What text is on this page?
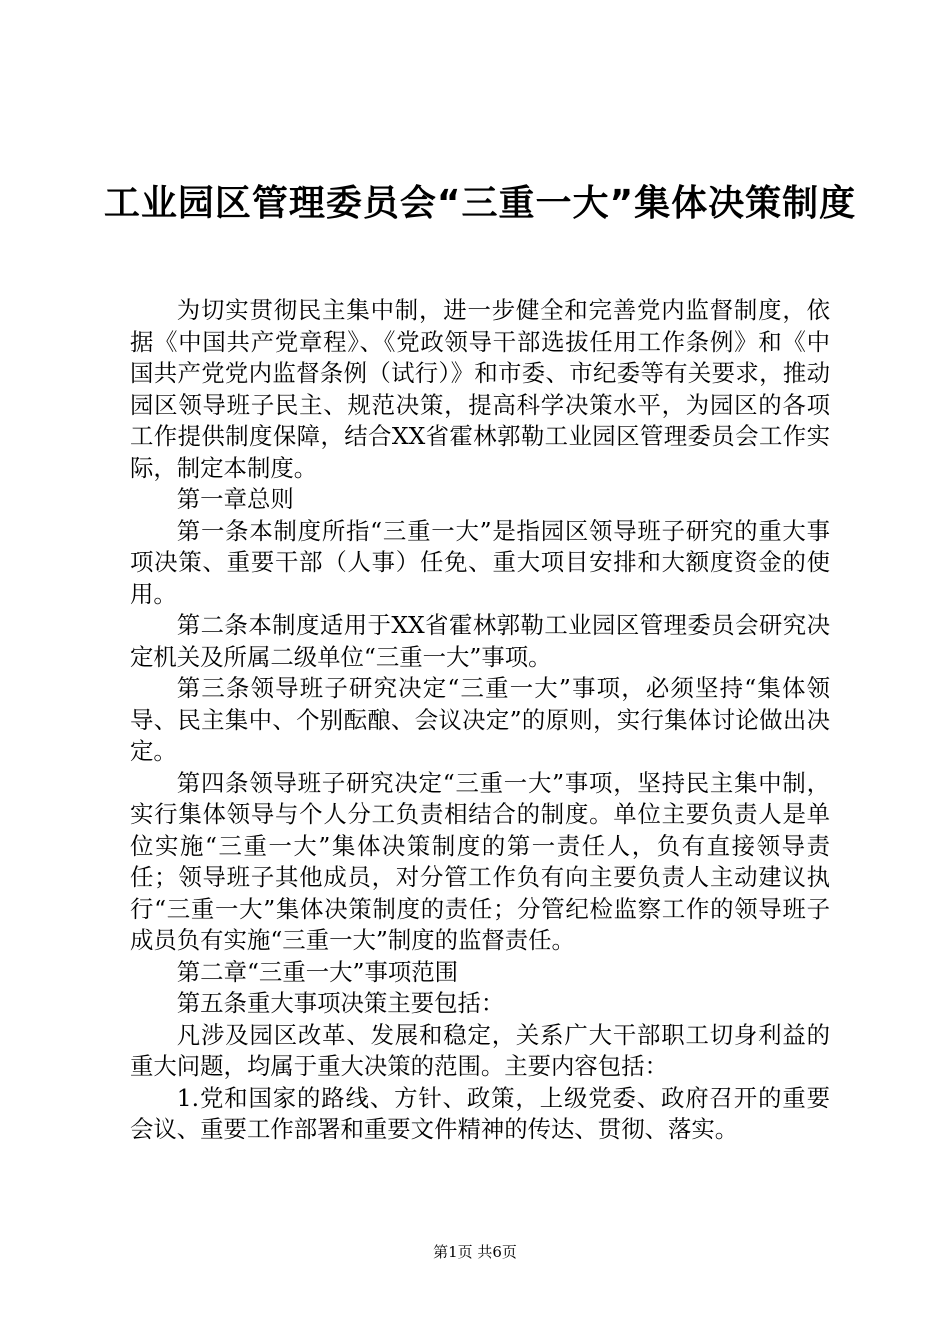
工业园区管理委员会“三重一大”集体决策制度

为切实贯彻民主集中制，进一步健全和完善党内监督制度，依据《中国共产党章程》、《党政领导干部选拔任用工作条例》和《中国共产党党内监督条例（试行）》和市委、市纪委等有关要求，推动园区领导班子民主、规范决策，提高科学决策水平，为园区的各项工作提供制度保障，结合XX省霍林郭勒工业园区管理委员会工作实际，制定本制度。

第一章总则

第一条本制度所指“三重一大”是指园区领导班子研究的重大事项决策、重要干部（人事）任免、重大项目安排和大额度资金的使用。

第二条本制度适用于XX省霍林郭勒工业园区管理委员会研究决定机关及所属二级单位“三重一大”事项。

第三条领导班子研究决定“三重一大”事项，必须坚持“集体领导、民主集中、个别酝酿、会议决定”的原则，实行集体讨论做出决定。

第四条领导班子研究决定“三重一大”事项，坚持民主集中制，实行集体领导与个人分工负责相结合的制度。单位主要负责人是单位实施“三重一大”集体决策制度的第一责任人，负有直接领导责任；领导班子其他成员，对分管工作负有向主要负责人主动建议执行“三重一大”集体决策制度的责任；分管纪检监察工作的领导班子成员负有实施“三重一大”制度的监督责任。

第二章“三重一大”事项范围

第五条重大事项决策主要包括：

凡涉及园区改革、发展和稳定，关系广大干部职工切身利益的重大问题，均属于重大决策的范围。主要内容包括：

1.党和国家的路线、方针、政策，上级党委、政府召开的重要会议、重要工作部署和重要文件精神的传达、贯彻、落实。

第1页 共6页
